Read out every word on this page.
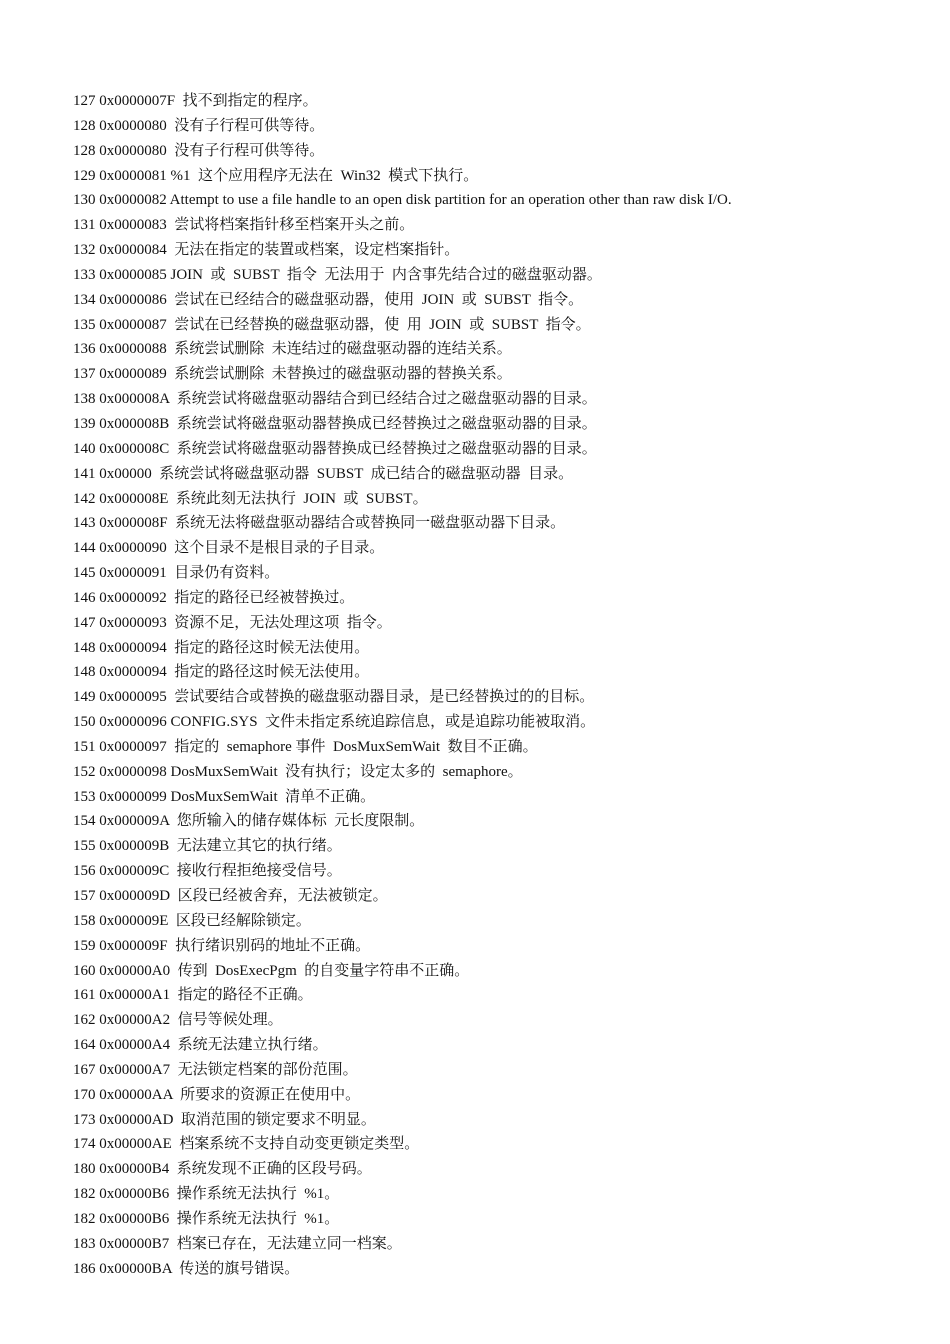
127 0x0000007F  找不到指定的程序。
128 0x0000080  没有子行程可供等待。
128 0x0000080  没有子行程可供等待。
129 0x0000081 %1  这个应用程序无法在  Win32  模式下执行。
130 0x0000082 Attempt to use a file handle to an open disk partition for an operation other than raw disk I/O.
131 0x0000083  尝试将档案指针移至档案开头之前。
132 0x0000084  无法在指定的装置或档案，设定档案指针。
133 0x0000085 JOIN  或  SUBST  指令  无法用于  内含事先结合过的磁盘驱动器。
134 0x0000086  尝试在已经结合的磁盘驱动器，使用  JOIN  或  SUBST  指令。
135 0x0000087  尝试在已经替换的磁盘驱动器，使  用  JOIN  或  SUBST  指令。
136 0x0000088  系统尝试删除  未连结过的磁盘驱动器的连结关系。
137 0x0000089  系统尝试删除  未替换过的磁盘驱动器的替换关系。
138 0x000008A  系统尝试将磁盘驱动器结合到已经结合过之磁盘驱动器的目录。
139 0x000008B  系统尝试将磁盘驱动器替换成已经替换过之磁盘驱动器的目录。
140 0x000008C  系统尝试将磁盘驱动器替换成已经替换过之磁盘驱动器的目录。
141 0x00000  系统尝试将磁盘驱动器  SUBST  成已结合的磁盘驱动器  目录。
142 0x000008E  系统此刻无法执行  JOIN  或  SUBST。
143 0x000008F  系统无法将磁盘驱动器结合或替换同一磁盘驱动器下目录。
144 0x0000090  这个目录不是根目录的子目录。
145 0x0000091  目录仍有资料。
146 0x0000092  指定的路径已经被替换过。
147 0x0000093  资源不足，无法处理这项  指令。
148 0x0000094  指定的路径这时候无法使用。
148 0x0000094  指定的路径这时候无法使用。
149 0x0000095  尝试要结合或替换的磁盘驱动器目录，是已经替换过的的目标。
150 0x0000096 CONFIG.SYS  文件未指定系统追踪信息，或是追踪功能被取消。
151 0x0000097  指定的  semaphore 事件  DosMuxSemWait  数目不正确。
152 0x0000098 DosMuxSemWait  没有执行；设定太多的  semaphore。
153 0x0000099 DosMuxSemWait  清单不正确。
154 0x000009A  您所输入的储存媒体标  元长度限制。
155 0x000009B  无法建立其它的执行绪。
156 0x000009C  接收行程拒绝接受信号。
157 0x000009D  区段已经被舍弃，无法被锁定。
158 0x000009E  区段已经解除锁定。
159 0x000009F  执行绪识别码的地址不正确。
160 0x00000A0  传到  DosExecPgm  的自变量字符串不正确。
161 0x00000A1  指定的路径不正确。
162 0x00000A2  信号等候处理。
164 0x00000A4  系统无法建立执行绪。
167 0x00000A7  无法锁定档案的部份范围。
170 0x00000AA  所要求的资源正在使用中。
173 0x00000AD  取消范围的锁定要求不明显。
174 0x00000AE  档案系统不支持自动变更锁定类型。
180 0x00000B4  系统发现不正确的区段号码。
182 0x00000B6  操作系统无法执行  %1。
182 0x00000B6  操作系统无法执行  %1。
183 0x00000B7  档案已存在，无法建立同一档案。
186 0x00000BA  传送的旗号错误。
